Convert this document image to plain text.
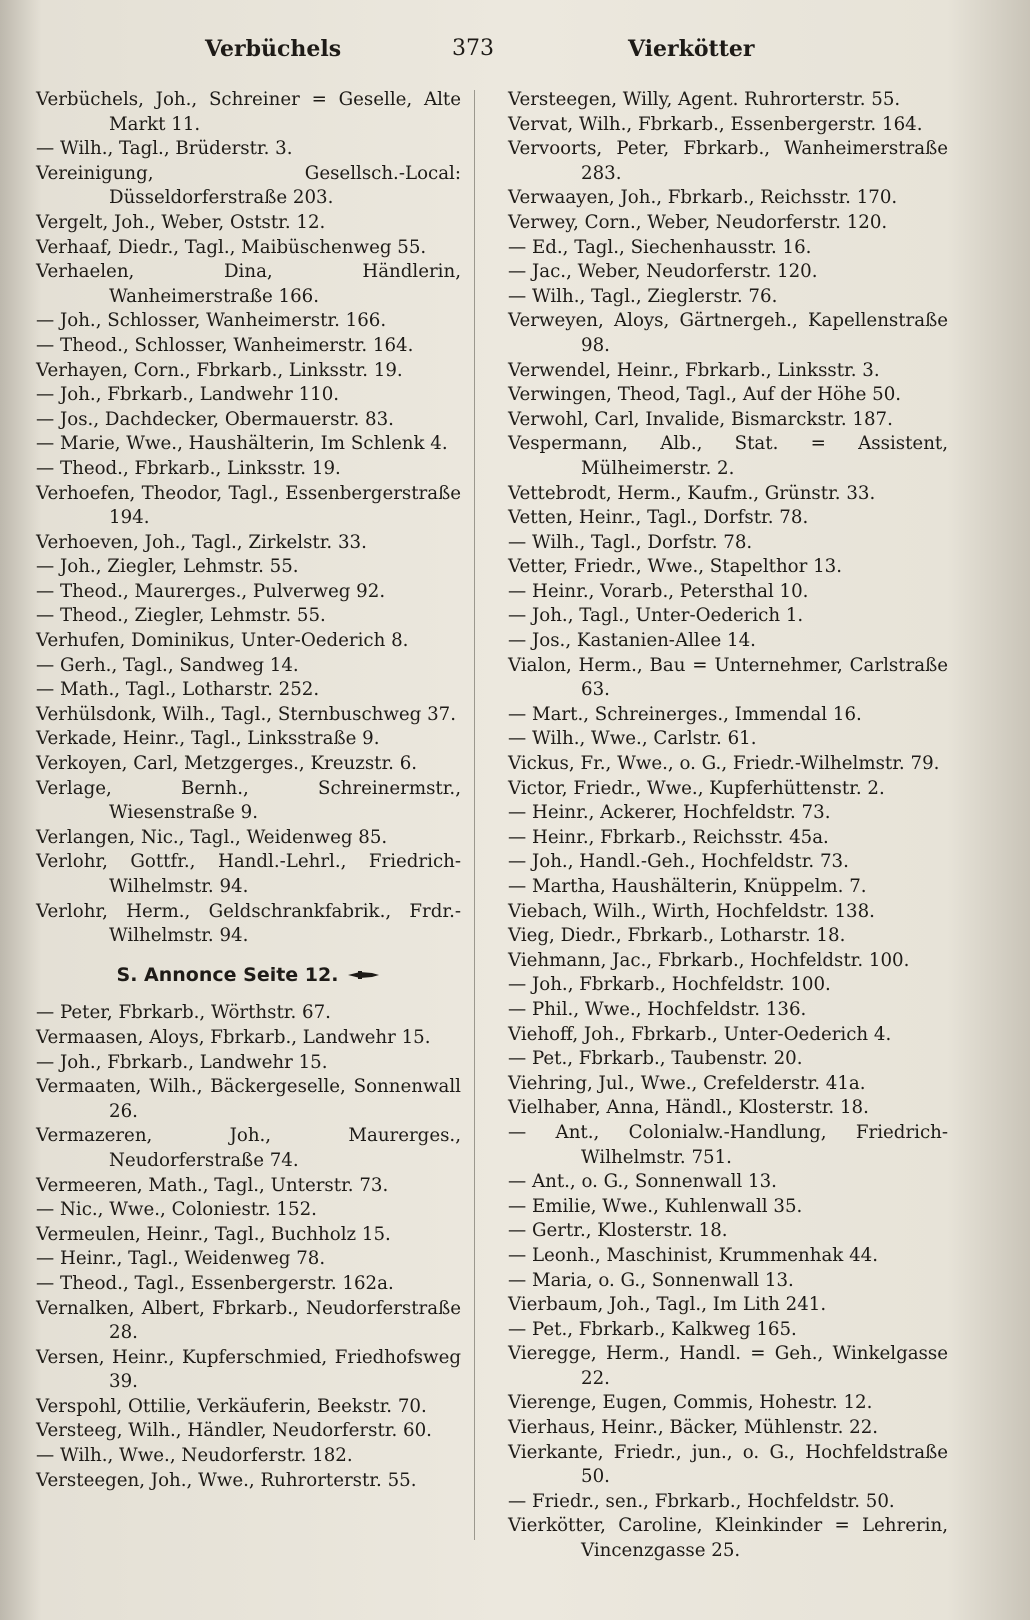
Verbüchels	373	Vierkötter

Verbüchels, Joh., Schreiner = Geselle, Alte Markt 11.

— Wilh., Tagl., Brüderstr. 3.

Vereinigung, Gesellsch.-Local: Düsseldorferstraße 203.

Vergelt, Joh., Weber, Oststr. 12.

Verhaaf, Diedr., Tagl., Maibüschenweg 55.

Verhaelen, Dina, Händlerin, Wanheimerstraße 166.

— Joh., Schlosser, Wanheimerstr. 166.

— Theod., Schlosser, Wanheimerstr. 164.

Verhayen, Corn., Fbrkarb., Linksstr. 19.

— Joh., Fbrkarb., Landwehr 110.

— Jos., Dachdecker, Obermauerstr. 83.

— Marie, Wwe., Haushälterin, Im Schlenk 4.

— Theod., Fbrkarb., Linksstr. 19.

Verhoefen, Theodor, Tagl., Essenbergerstraße 194.

Verhoeven, Joh., Tagl., Zirkelstr. 33.

— Joh., Ziegler, Lehmstr. 55.

— Theod., Maurerges., Pulverweg 92.

— Theod., Ziegler, Lehmstr. 55.

Verhufen, Dominikus, Unter-Oederich 8.

— Gerh., Tagl., Sandweg 14.

— Math., Tagl., Lotharstr. 252.

Verhülsdonk, Wilh., Tagl., Sternbuschweg 37.

Verkade, Heinr., Tagl., Linksstraße 9.

Verkoyen, Carl, Metzgerges., Kreuzstr. 6.

Verlage, Bernh., Schreinermstr., Wiesenstraße 9.

Verlangen, Nic., Tagl., Weidenweg 85.

Verlohr, Gottfr., Handl.-Lehrl., Friedrich-Wilhelmstr. 94.

Verlohr, Herm., Geldschrankfabrik., Frdr.-Wilhelmstr. 94.

S. Annonce Seite 12.

— Peter, Fbrkarb., Wörthstr. 67.

Vermaasen, Aloys, Fbrkarb., Landwehr 15.

— Joh., Fbrkarb., Landwehr 15.

Vermaaten, Wilh., Bäckergeselle, Sonnenwall 26.

Vermazeren, Joh., Maurerges., Neudorferstraße 74.

Vermeeren, Math., Tagl., Unterstr. 73.

— Nic., Wwe., Coloniestr. 152.

Vermeulen, Heinr., Tagl., Buchholz 15.

— Heinr., Tagl., Weidenweg 78.

— Theod., Tagl., Essenbergerstr. 162a.

Vernalken, Albert, Fbrkarb., Neudorferstraße 28.

Versen, Heinr., Kupferschmied, Friedhofsweg 39.

Verspohl, Ottilie, Verkäuferin, Beekstr. 70.

Versteeg, Wilh., Händler, Neudorferstr. 60.

— Wilh., Wwe., Neudorferstr. 182.

Versteegen, Joh., Wwe., Ruhrorterstr. 55.

Versteegen, Willy, Agent. Ruhrorterstr. 55.

Vervat, Wilh., Fbrkarb., Essenbergerstr. 164.

Vervoorts, Peter, Fbrkarb., Wanheimerstraße 283.

Verwaayen, Joh., Fbrkarb., Reichsstr. 170.

Verwey, Corn., Weber, Neudorferstr. 120.

— Ed., Tagl., Siechenhausstr. 16.

— Jac., Weber, Neudorferstr. 120.

— Wilh., Tagl., Zieglerstr. 76.

Verweyen, Aloys, Gärtnergeh., Kapellenstraße 98.

Verwendel, Heinr., Fbrkarb., Linksstr. 3.

Verwingen, Theod, Tagl., Auf der Höhe 50.

Verwohl, Carl, Invalide, Bismarckstr. 187.

Vespermann, Alb., Stat. = Assistent, Mülheimerstr. 2.

Vettebrodt, Herm., Kaufm., Grünstr. 33.

Vetten, Heinr., Tagl., Dorfstr. 78.

— Wilh., Tagl., Dorfstr. 78.

Vetter, Friedr., Wwe., Stapelthor 13.

— Heinr., Vorarb., Petersthal 10.

— Joh., Tagl., Unter-Oederich 1.

— Jos., Kastanien-Allee 14.

Vialon, Herm., Bau = Unternehmer, Carlstraße 63.

— Mart., Schreinerges., Immendal 16.

— Wilh., Wwe., Carlstr. 61.

Vickus, Fr., Wwe., o. G., Friedr.-Wilhelmstr. 79.

Victor, Friedr., Wwe., Kupferhüttenstr. 2.

— Heinr., Ackerer, Hochfeldstr. 73.

— Heinr., Fbrkarb., Reichsstr. 45a.

— Joh., Handl.-Geh., Hochfeldstr. 73.

— Martha, Haushälterin, Knüppelm. 7.

Viebach, Wilh., Wirth, Hochfeldstr. 138.

Vieg, Diedr., Fbrkarb., Lotharstr. 18.

Viehmann, Jac., Fbrkarb., Hochfeldstr. 100.

— Joh., Fbrkarb., Hochfeldstr. 100.

— Phil., Wwe., Hochfeldstr. 136.

Viehoff, Joh., Fbrkarb., Unter-Oederich 4.

— Pet., Fbrkarb., Taubenstr. 20.

Viehring, Jul., Wwe., Crefelderstr. 41a.

Vielhaber, Anna, Händl., Klosterstr. 18.

— Ant., Colonialw.-Handlung, Friedrich-Wilhelmstr. 751.

— Ant., o. G., Sonnenwall 13.

— Emilie, Wwe., Kuhlenwall 35.

— Gertr., Klosterstr. 18.

— Leonh., Maschinist, Krummenhak 44.

— Maria, o. G., Sonnenwall 13.

Vierbaum, Joh., Tagl., Im Lith 241.

— Pet., Fbrkarb., Kalkweg 165.

Vieregge, Herm., Handl. = Geh., Winkelgasse 22.

Vierenge, Eugen, Commis, Hohestr. 12.

Vierhaus, Heinr., Bäcker, Mühlenstr. 22.

Vierkante, Friedr., jun., o. G., Hochfeldstraße 50.

— Friedr., sen., Fbrkarb., Hochfeldstr. 50.

Vierkötter, Caroline, Kleinkinder = Lehrerin, Vincenzgasse 25.
